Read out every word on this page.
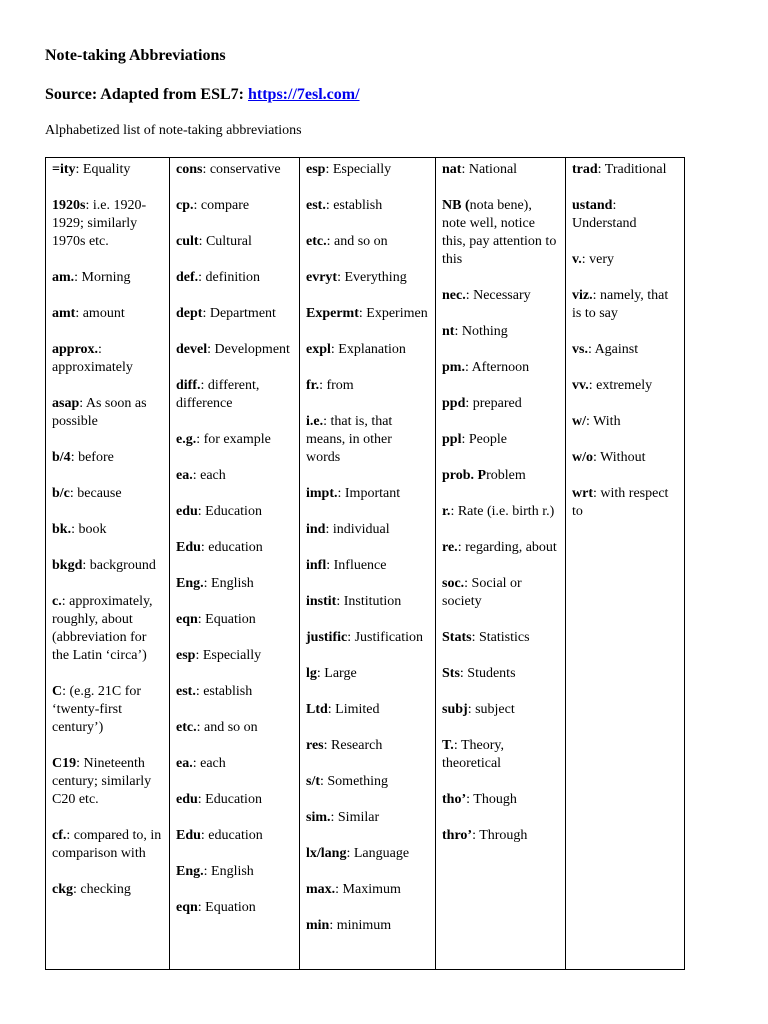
Note-taking Abbreviations
Source: Adapted from ESL7: https://7esl.com/
Alphabetized list of note-taking abbreviations
=ity: Equality
1920s: i.e. 1920-1929; similarly 1970s etc.
am.: Morning
amt: amount
approx.: approximately
asap: As soon as possible
b/4: before
b/c: because
bk.: book
bkgd: background
c.: approximately, roughly, about (abbreviation for the Latin ‘circa’)
C: (e.g. 21C for ‘twenty-first century’)
C19: Nineteenth century; similarly C20 etc.
cf.: compared to, in comparison with
ckg: checking

cons: conservative
cp.: compare
cult: Cultural
def.: definition
dept: Department
devel: Development
diff.: different, difference
e.g.: for example
ea.: each
edu: Education
Edu: education
Eng.: English
eqn: Equation
esp: Especially
est.: establish
etc.: and so on
ea.: each
edu: Education
Edu: education
Eng.: English
eqn: Equation

esp: Especially
est.: establish
etc.: and so on
evryt: Everything
Expermt: Experimen
expl: Explanation
fr.: from
i.e.: that is, that means, in other words
impt.: Important
ind: individual
infl: Influence
instit: Institution
justific: Justification
lg: Large
Ltd: Limited
res: Research
s/t: Something
sim.: Similar
lx/lang: Language
max.: Maximum
min: minimum

nat: National
NB (nota bene), note well, notice this, pay attention to this
nec.: Necessary
nt: Nothing
pm.: Afternoon
ppd: prepared
ppl: People
prob. Problem
r.: Rate (i.e. birth r.)
re.: regarding, about
soc.: Social or society
Stats: Statistics
Sts: Students
subj: subject
T.: Theory, theoretical
tho’: Though
thro’: Through

trad: Traditional
ustand: Understand
v.: very
viz.: namely, that is to say
vs.: Against
vv.: extremely
w/: With
w/o: Without
wrt: with respect to
